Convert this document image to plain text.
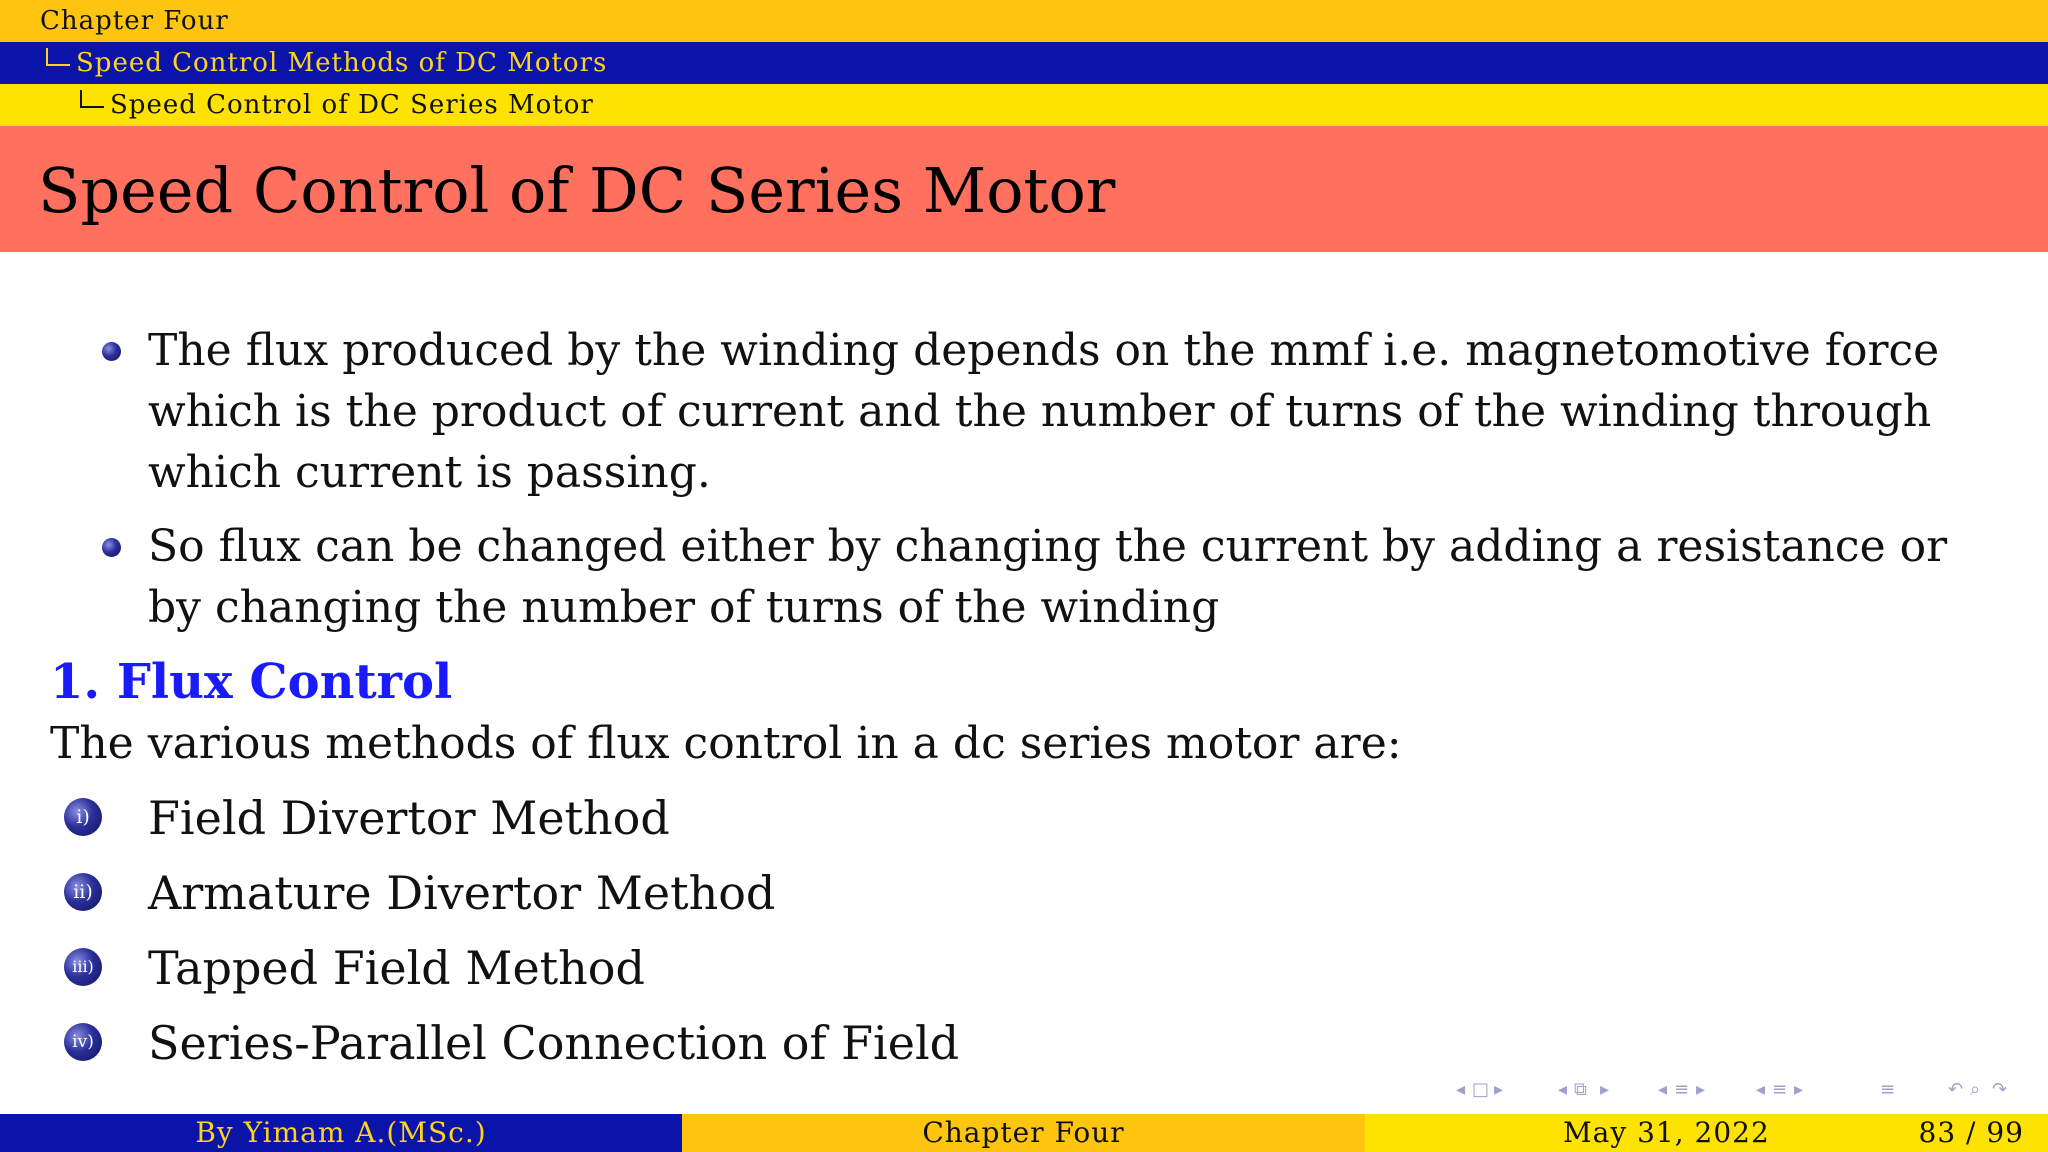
Chapter Four
Speed Control Methods of DC Motors
Speed Control of DC Series Motor
Speed Control of DC Series Motor
The flux produced by the winding depends on the mmf i.e. magnetomotive force which is the product of current and the number of turns of the winding through which current is passing.
So flux can be changed either by changing the current by adding a resistance or by changing the number of turns of the winding
1. Flux Control
The various methods of flux control in a dc series motor are:
i) Field Divertor Method
ii) Armature Divertor Method
iii) Tapped Field Method
iv) Series-Parallel Connection of Field
◂ □ ▸	◂ ⧉ ▸	◂ ≡ ▸	◂ ≡ ▸	≡	↶ ⌕ ↷
By Yimam A.(MSc.)	Chapter Four	May 31, 2022	83 / 99
